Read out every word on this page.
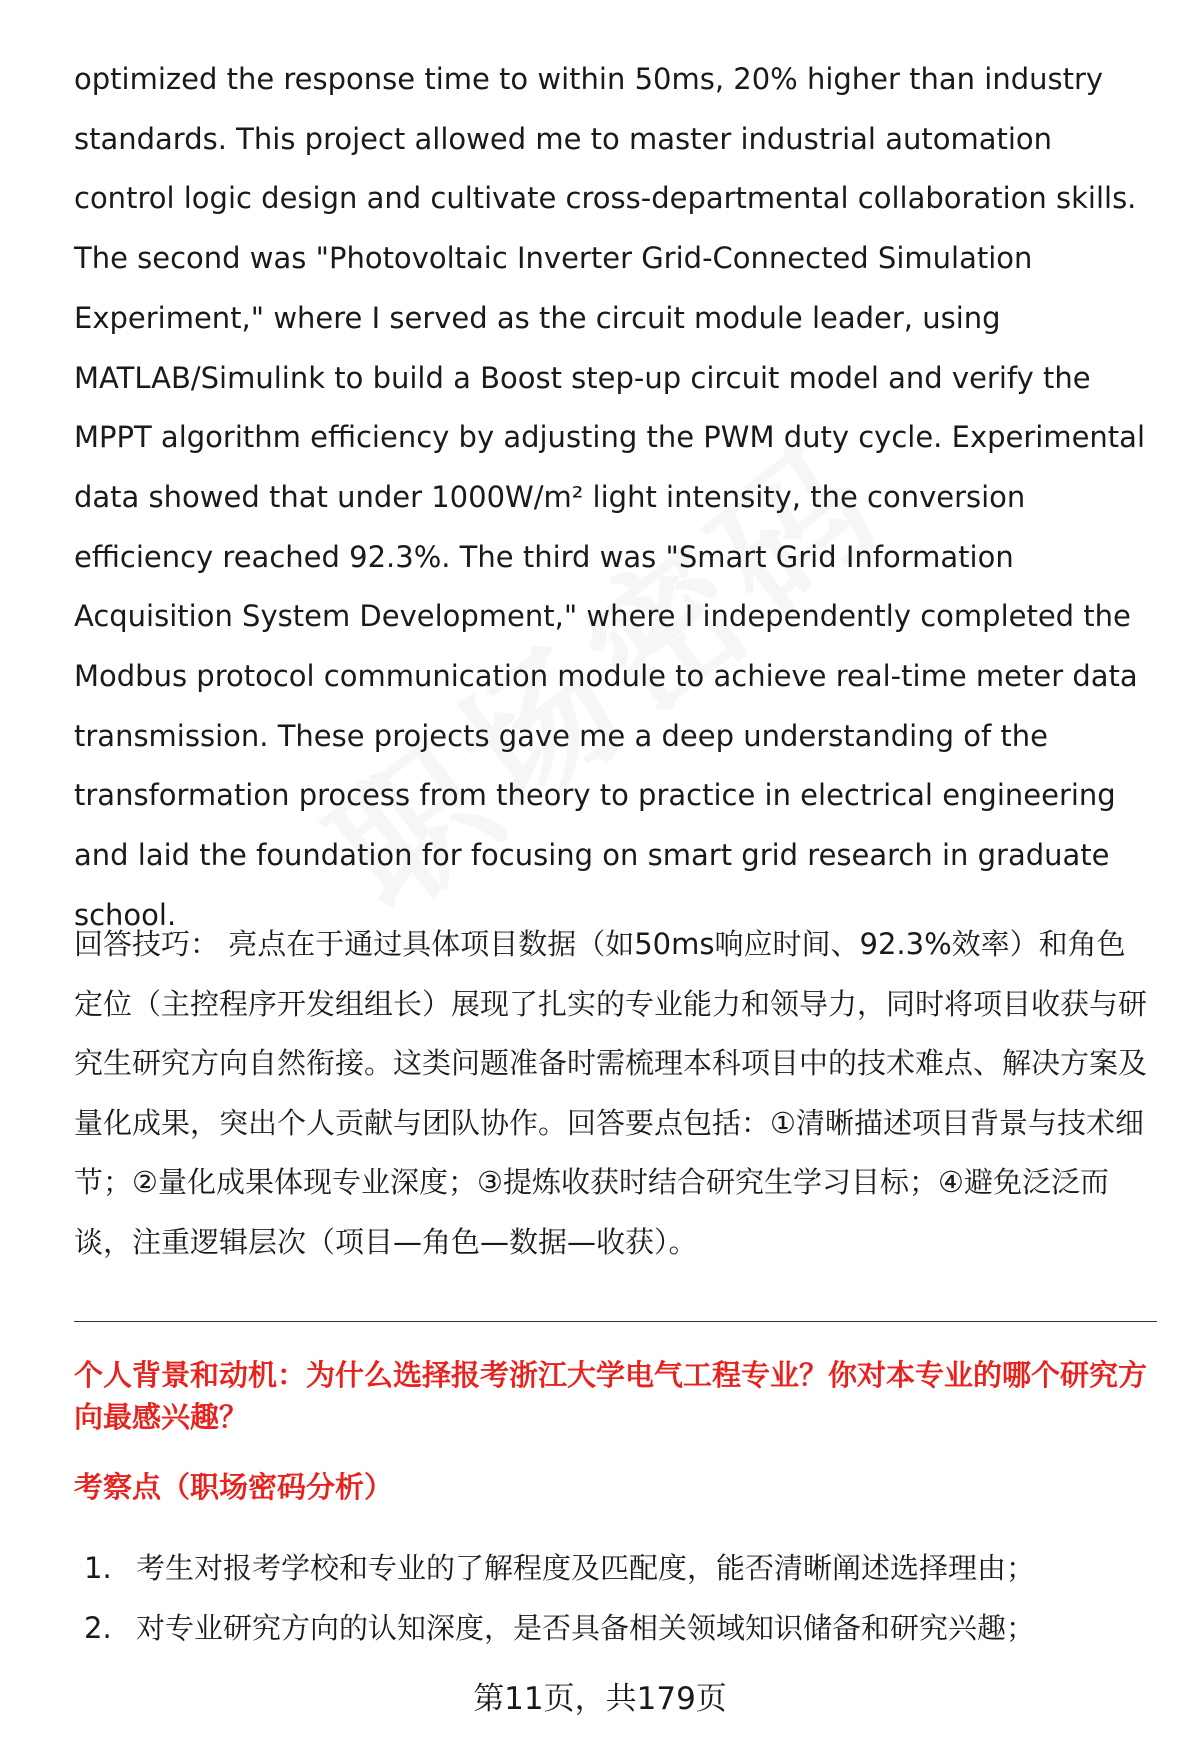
optimized the response time to within 50ms, 20% higher than industry standards. This project allowed me to master industrial automation control logic design and cultivate cross-departmental collaboration skills. The second was "Photovoltaic Inverter Grid-Connected Simulation Experiment," where I served as the circuit module leader, using MATLAB/Simulink to build a Boost step-up circuit model and verify the MPPT algorithm efficiency by adjusting the PWM duty cycle. Experimental data showed that under 1000W/m² light intensity, the conversion efficiency reached 92.3%. The third was "Smart Grid Information Acquisition System Development," where I independently completed the Modbus protocol communication module to achieve real-time meter data transmission. These projects gave me a deep understanding of the transformation process from theory to practice in electrical engineering and laid the foundation for focusing on smart grid research in graduate school.

回答技巧： 亮点在于通过具体项目数据（如50ms响应时间、92.3%效率）和角色定位（主控程序开发组组长）展现了扎实的专业能力和领导力，同时将项目收获与研究生研究方向自然衔接。这类问题准备时需梳理本科项目中的技术难点、解决方案及量化成果，突出个人贡献与团队协作。回答要点包括：①清晰描述项目背景与技术细节；②量化成果体现专业深度；③提炼收获时结合研究生学习目标；④避免泛泛而谈，注重逻辑层次（项目—角色—数据—收获）。

个人背景和动机：为什么选择报考浙江大学电气工程专业？你对本专业的哪个研究方向最感兴趣？

考察点（职场密码分析）

1. 考生对报考学校和专业的了解程度及匹配度，能否清晰阐述选择理由；
2. 对专业研究方向的认知深度，是否具备相关领域知识储备和研究兴趣；
第11页，共179页
